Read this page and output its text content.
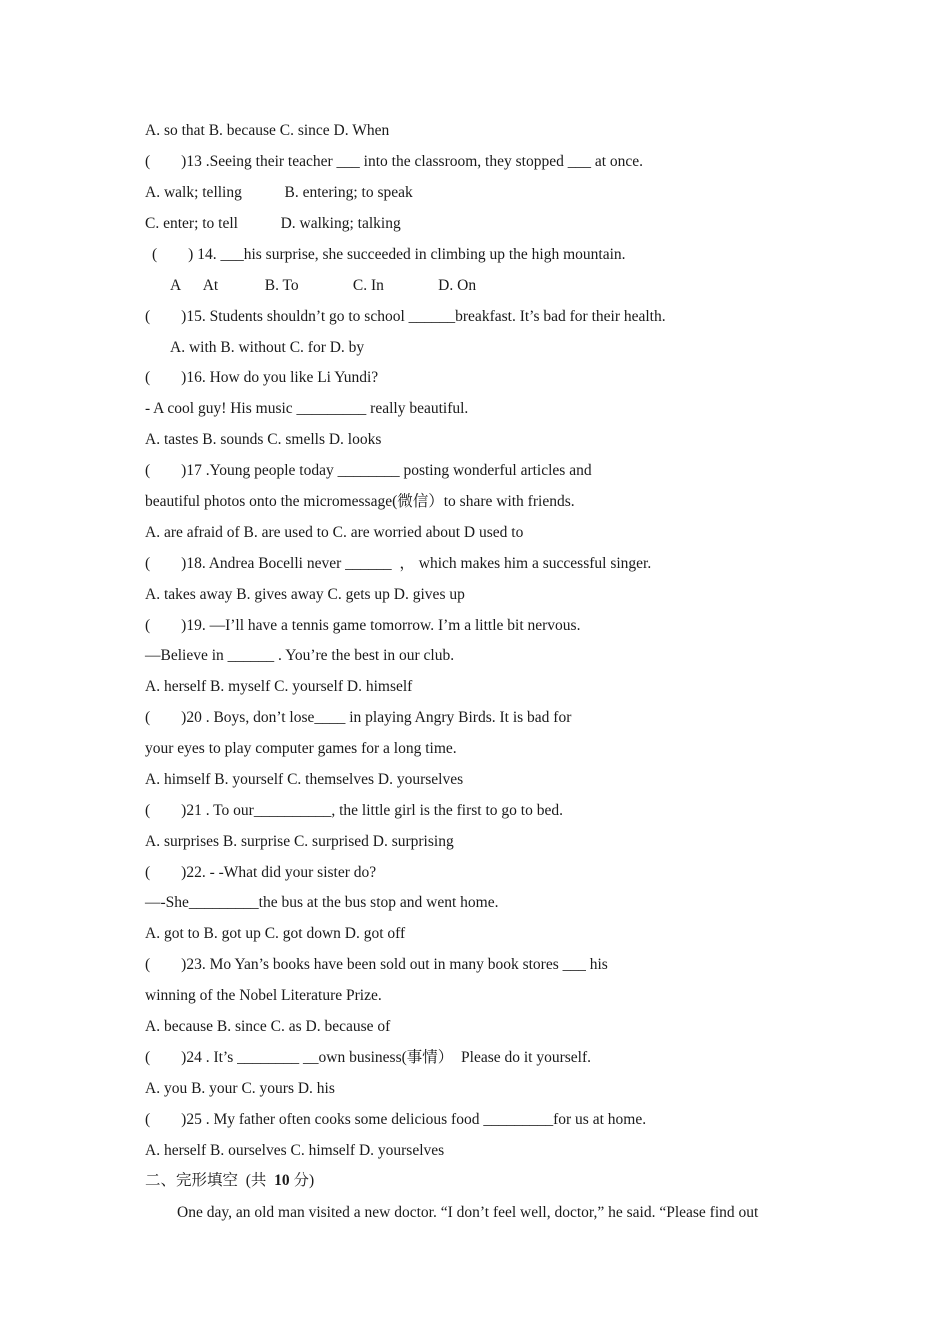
A. so that B. because C. since D. When

(        )13 .Seeing their teacher ___ into the classroom, they stopped ___ at once.

A. walk; telling           B. entering; to speak

C. enter; to tell           D. walking; talking

(        ) 14. ___his surprise, she succeeded in climbing up the high mountain.

A      At            B. To              C. In              D. On

(        )15. Students shouldn’t go to school ______breakfast. It’s bad for their health.

A. with B. without C. for D. by

(        )16. How do you like Li Yundi?

- A cool guy! His music _________ really beautiful.

A. tastes B. sounds C. smells D. looks

(        )17 .Young people today ________ posting wonderful articles and

beautiful photos onto the micromessage(微信）to share with friends.

A. are afraid of B. are used to C. are worried about D used to

(        )18. Andrea Bocelli never ______  ， which makes him a successful singer.

A. takes away B. gives away C. gets up D. gives up

(        )19. —I’ll have a tennis game tomorrow. I’m a little bit nervous.

—Believe in ______ . You’re the best in our club.

A. herself B. myself C. yourself D. himself

(        )20 . Boys, don’t lose____ in playing Angry Birds. It is bad for

your eyes to play computer games for a long time.

A. himself B. yourself C. themselves D. yourselves

(        )21 . To our__________, the little girl is the first to go to bed.

A. surprises B. surprise C. surprised D. surprising

(        )22. - -What did your sister do?

—-She_________the bus at the bus stop and went home.

A. got to B. got up C. got down D. got off

(        )23. Mo Yan’s books have been sold out in many book stores ___ his

winning of the Nobel Literature Prize.

A. because B. since C. as D. because of

(        )24 . It’s ________ __own business(事情）  Please do it yourself.

A. you B. your C. yours D. his

(        )25 . My father often cooks some delicious food _________for us at home.

A. herself B. ourselves C. himself D. yourselves

二、完形填空  (共  10 分)

One day, an old man visited a new doctor. “I don’t feel well, doctor,” he said. “Please find out
